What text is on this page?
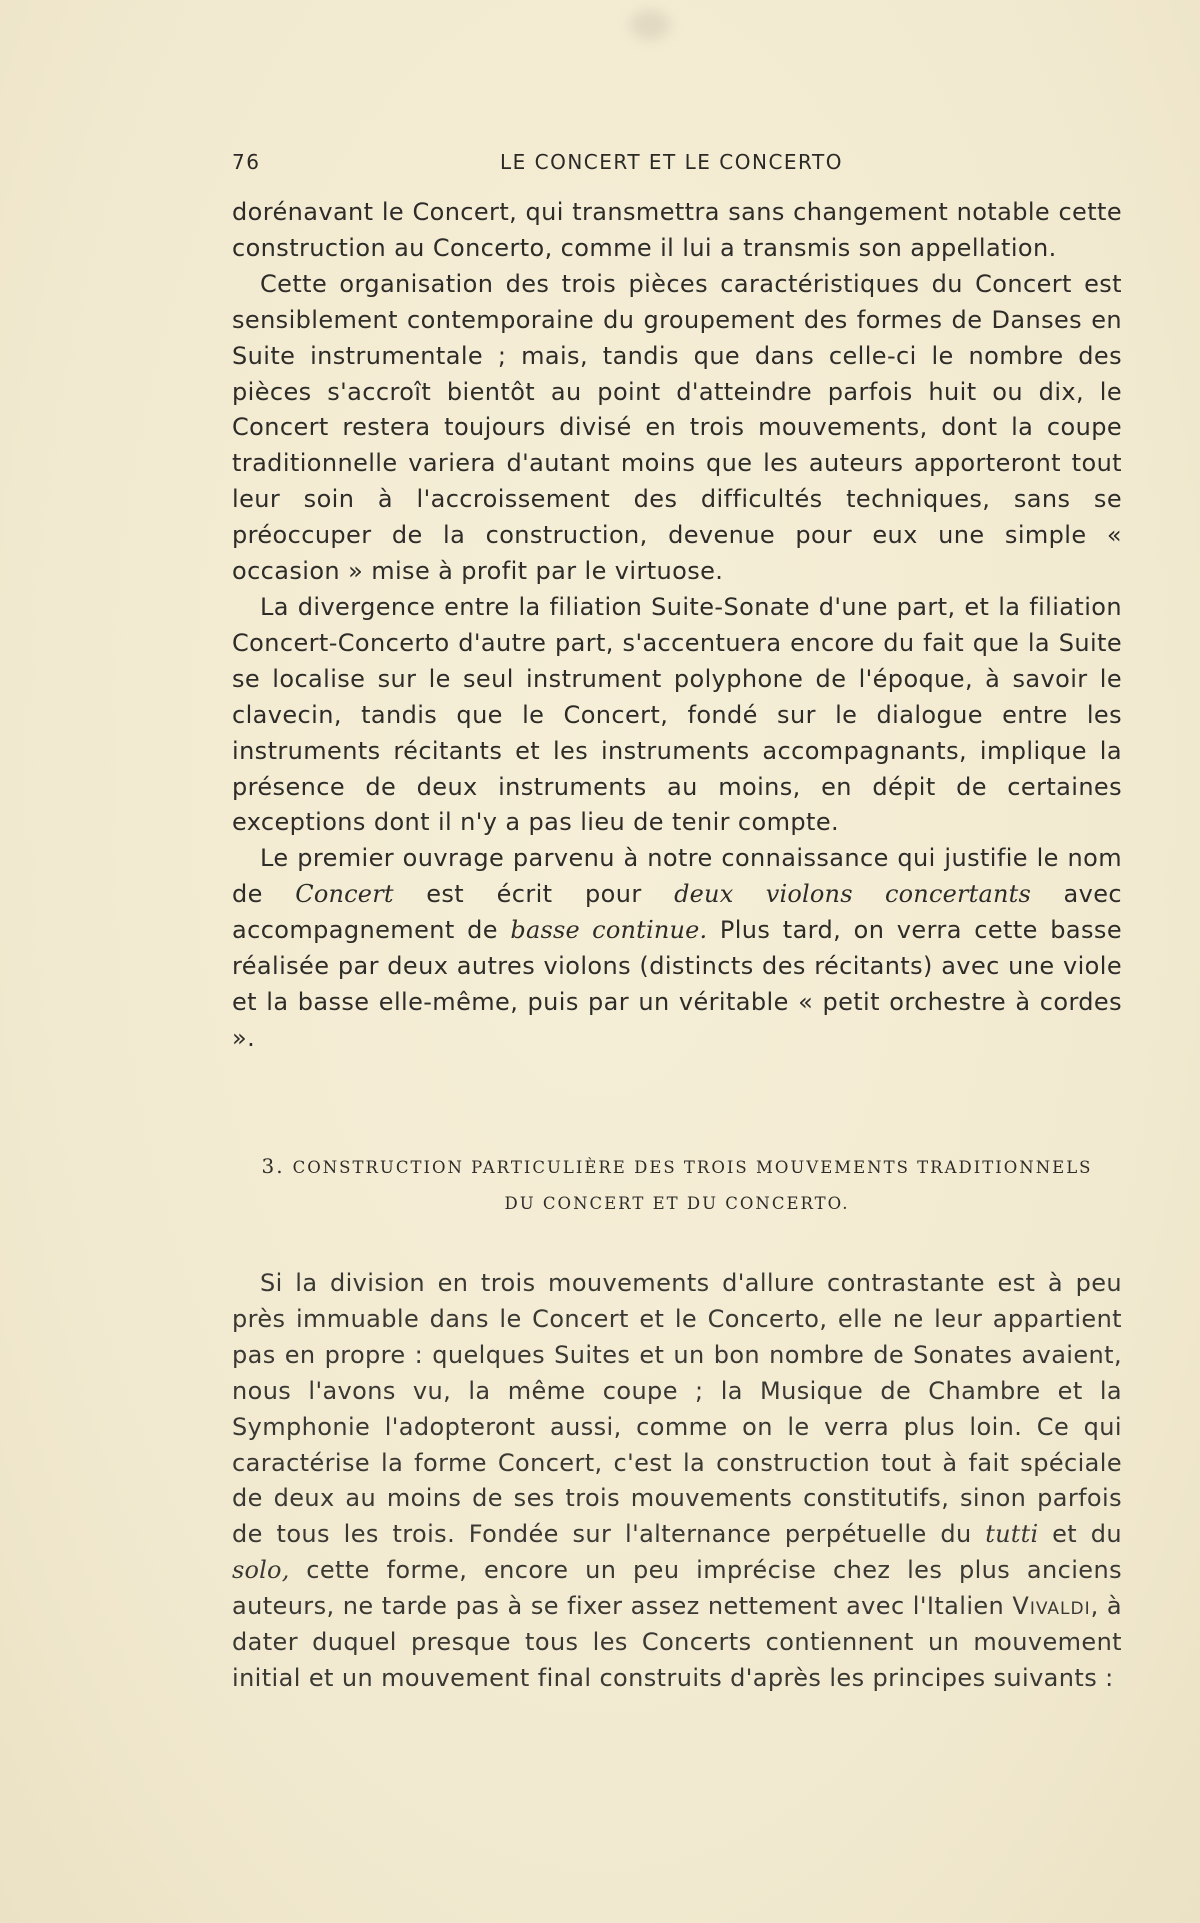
76	LE CONCERT ET LE CONCERTO

dorénavant le Concert, qui transmettra sans changement notable cette construction au Concerto, comme il lui a transmis son appellation.

Cette organisation des trois pièces caractéristiques du Concert est sensiblement contemporaine du groupement des formes de Danses en Suite instrumentale ; mais, tandis que dans celle-ci le nombre des pièces s'accroît bientôt au point d'atteindre parfois huit ou dix, le Concert restera toujours divisé en trois mouvements, dont la coupe traditionnelle variera d'autant moins que les auteurs apporteront tout leur soin à l'accroissement des difficultés techniques, sans se préoccuper de la construction, devenue pour eux une simple « occasion » mise à profit par le virtuose.

La divergence entre la filiation Suite-Sonate d'une part, et la filiation Concert-Concerto d'autre part, s'accentuera encore du fait que la Suite se localise sur le seul instrument polyphone de l'époque, à savoir le clavecin, tandis que le Concert, fondé sur le dialogue entre les instruments récitants et les instruments accompagnants, implique la présence de deux instruments au moins, en dépit de certaines exceptions dont il n'y a pas lieu de tenir compte.

Le premier ouvrage parvenu à notre connaissance qui justifie le nom de Concert est écrit pour deux violons concertants avec accompagnement de basse continue. Plus tard, on verra cette basse réalisée par deux autres violons (distincts des récitants) avec une viole et la basse elle-même, puis par un véritable « petit orchestre à cordes ».

3. CONSTRUCTION PARTICULIÈRE DES TROIS MOUVEMENTS TRADITIONNELS
DU CONCERT ET DU CONCERTO.

Si la division en trois mouvements d'allure contrastante est à peu près immuable dans le Concert et le Concerto, elle ne leur appartient pas en propre : quelques Suites et un bon nombre de Sonates avaient, nous l'avons vu, la même coupe ; la Musique de Chambre et la Symphonie l'adopteront aussi, comme on le verra plus loin. Ce qui caractérise la forme Concert, c'est la construction tout à fait spéciale de deux au moins de ses trois mouvements constitutifs, sinon parfois de tous les trois. Fondée sur l'alternance perpétuelle du tutti et du solo, cette forme, encore un peu imprécise chez les plus anciens auteurs, ne tarde pas à se fixer assez nettement avec l'Italien Vivaldi, à dater duquel presque tous les Concerts contiennent un mouvement initial et un mouvement final construits d'après les principes suivants :
